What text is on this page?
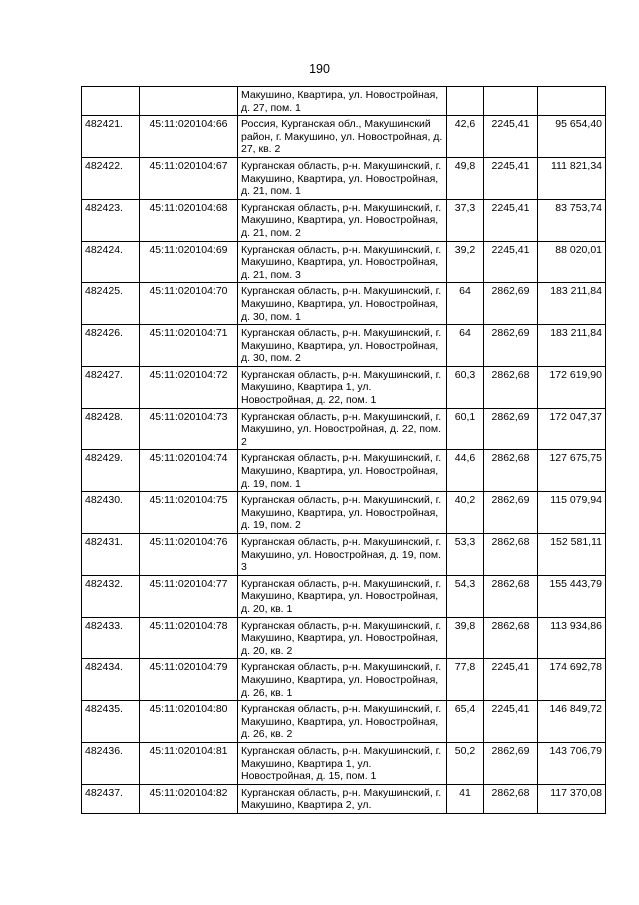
190
		Макушино, Квартира, ул. Новостройная, д. 27, пом. 1			
482421.	45:11:020104:66	Россия, Курганская обл., Макушинский район, г. Макушино, ул. Новостройная, д. 27, кв. 2	42,6	2245,41	95 654,40
482422.	45:11:020104:67	Курганская область, р-н. Макушинский, г. Макушино, Квартира, ул. Новостройная, д. 21, пом. 1	49,8	2245,41	111 821,34
482423.	45:11:020104:68	Курганская область, р-н. Макушинский, г. Макушино, Квартира, ул. Новостройная, д. 21, пом. 2	37,3	2245,41	83 753,74
482424.	45:11:020104:69	Курганская область, р-н. Макушинский, г. Макушино, Квартира, ул. Новостройная, д. 21, пом. 3	39,2	2245,41	88 020,01
482425.	45:11:020104:70	Курганская область, р-н. Макушинский, г. Макушино, Квартира, ул. Новостройная, д. 30, пом. 1	64	2862,69	183 211,84
482426.	45:11:020104:71	Курганская область, р-н. Макушинский, г. Макушино, Квартира, ул. Новостройная, д. 30, пом. 2	64	2862,69	183 211,84
482427.	45:11:020104:72	Курганская область, р-н. Макушинский, г. Макушино, Квартира 1, ул. Новостройная, д. 22, пом. 1	60,3	2862,68	172 619,90
482428.	45:11:020104:73	Курганская область, р-н. Макушинский, г. Макушино, ул. Новостройная, д. 22, пом. 2	60,1	2862,69	172 047,37
482429.	45:11:020104:74	Курганская область, р-н. Макушинский, г. Макушино, Квартира, ул. Новостройная, д. 19, пом. 1	44,6	2862,68	127 675,75
482430.	45:11:020104:75	Курганская область, р-н. Макушинский, г. Макушино, Квартира, ул. Новостройная, д. 19, пом. 2	40,2	2862,69	115 079,94
482431.	45:11:020104:76	Курганская область, р-н. Макушинский, г. Макушино, ул. Новостройная, д. 19, пом. 3	53,3	2862,68	152 581,11
482432.	45:11:020104:77	Курганская область, р-н. Макушинский, г. Макушино, Квартира, ул. Новостройная, д. 20, кв. 1	54,3	2862,68	155 443,79
482433.	45:11:020104:78	Курганская область, р-н. Макушинский, г. Макушино, Квартира, ул. Новостройная, д. 20, кв. 2	39,8	2862,68	113 934,86
482434.	45:11:020104:79	Курганская область, р-н. Макушинский, г. Макушино, Квартира, ул. Новостройная, д. 26, кв. 1	77,8	2245,41	174 692,78
482435.	45:11:020104:80	Курганская область, р-н. Макушинский, г. Макушино, Квартира, ул. Новостройная, д. 26, кв. 2	65,4	2245,41	146 849,72
482436.	45:11:020104:81	Курганская область, р-н. Макушинский, г. Макушино, Квартира 1, ул. Новостройная, д. 15, пом. 1	50,2	2862,69	143 706,79
482437.	45:11:020104:82	Курганская область, р-н. Макушинский, г. Макушино, Квартира 2, ул.	41	2862,68	117 370,08
